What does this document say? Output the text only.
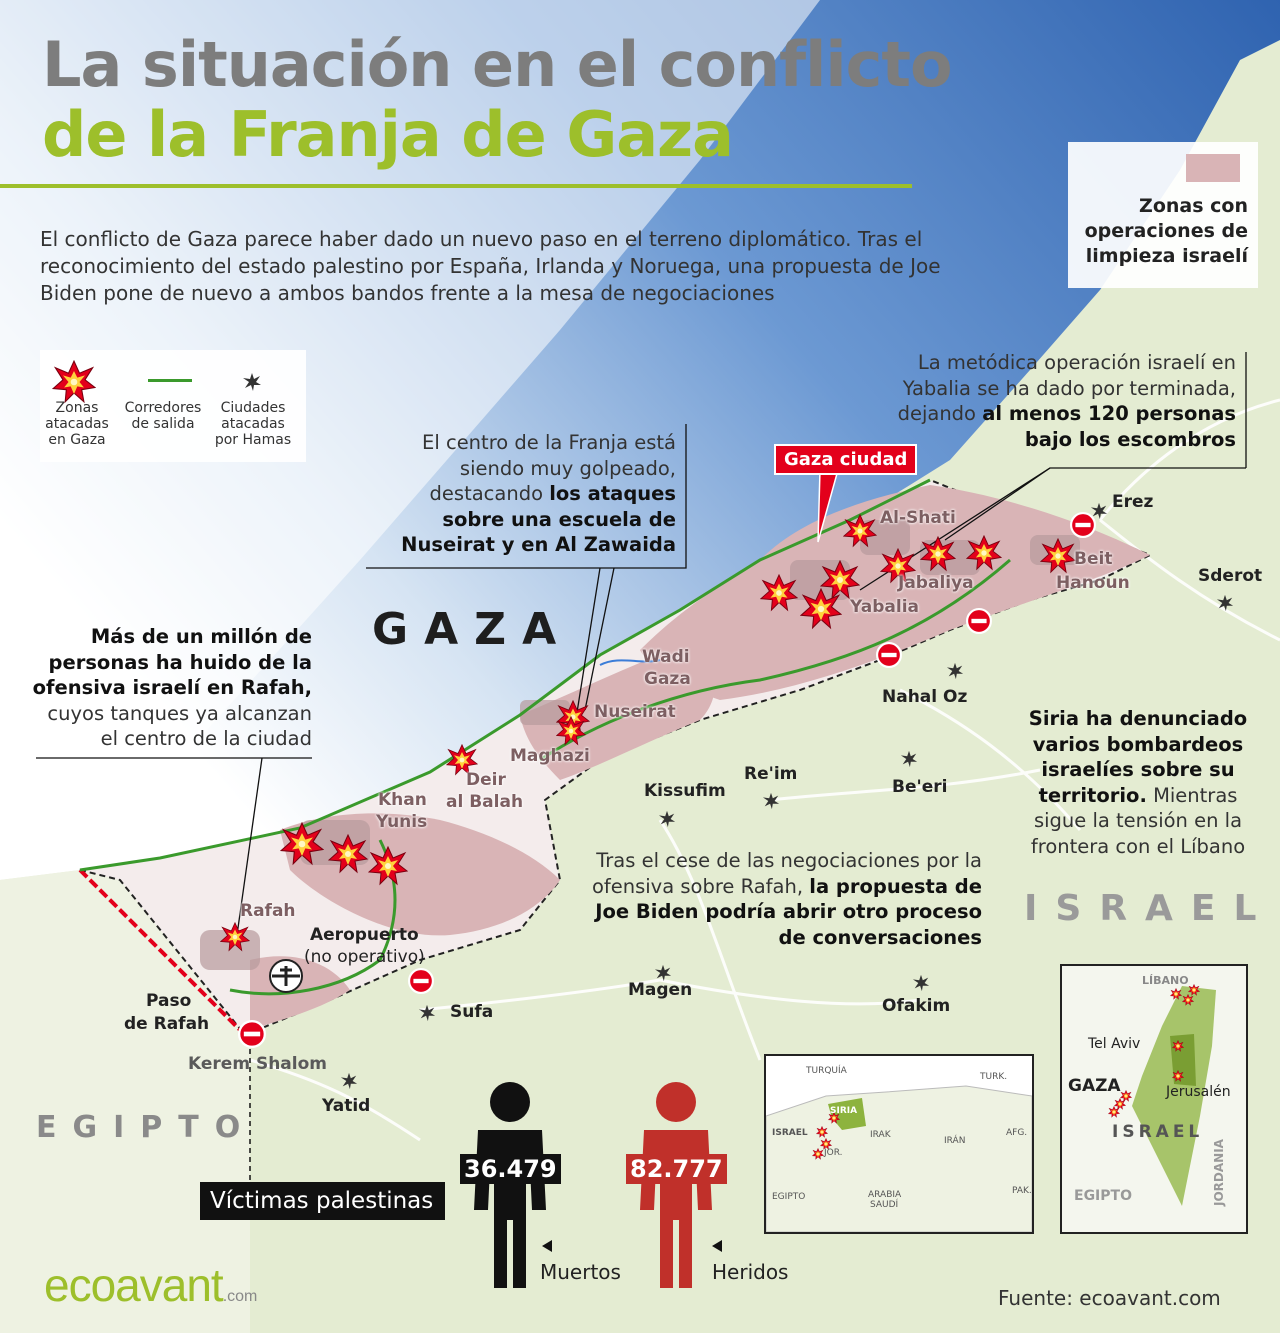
La situación en el conflicto
de la Franja de Gaza
El conflicto de Gaza parece haber dado un nuevo paso en el terreno diplomático. Tras el reconocimiento del estado palestino por España, Irlanda y Noruega, una propuesta de Joe Biden pone de nuevo a ambos bandos frente a la mesa de negociaciones
Zonas atacadas en Gaza
Corredores de salida
Ciudades atacadas por Hamas
Zonas con operaciones de limpieza israelí
La metódica operación israelí en Yabalia se ha dado por terminada, dejando al menos 120 personas bajo los escombros
El centro de la Franja está siendo muy golpeado, destacando los ataques sobre una escuela de Nuseirat y en Al Zawaida
Más de un millón de personas ha huido de la ofensiva israelí en Rafah, cuyos tanques ya alcanzan el centro de la ciudad
Siria ha denunciado varios bombardeos israelíes sobre su territorio. Mientras sigue la tensión en la frontera con el Líbano
Tras el cese de las negociaciones por la ofensiva sobre Rafah, la propuesta de Joe Biden podría abrir otro proceso de conversaciones
Gaza ciudad
GAZA
ISRAEL
EGIPTO
Al-Shati
Jabaliya
Yabalia
Beit
Hanoun
Erez
Sderot
Wadi
Gaza
Nuseirat
Maghazi
Nahal Oz
Deir
al Balah
Khan
Yunis
Kissufim
Re'im
Be'eri
Rafah
Aeropuerto
(no operativo)
Sufa
Magen
Ofakim
Paso
de Rafah
Kerem Shalom
Yatid
Víctimas palestinas
36.479	82.777
Muertos	Heridos
TURQUÍA
TURK.
SIRIA
ISRAEL
JOR.
IRAK
IRÁN
AFG.
EGIPTO	ARABIA
SAUDÍ
PAK.
LÍBANO
Tel Aviv
GAZA	Jerusalén
ISRAEL
EGIPTO	JORDANIA
ecoavant.com	Fuente: ecoavant.com
